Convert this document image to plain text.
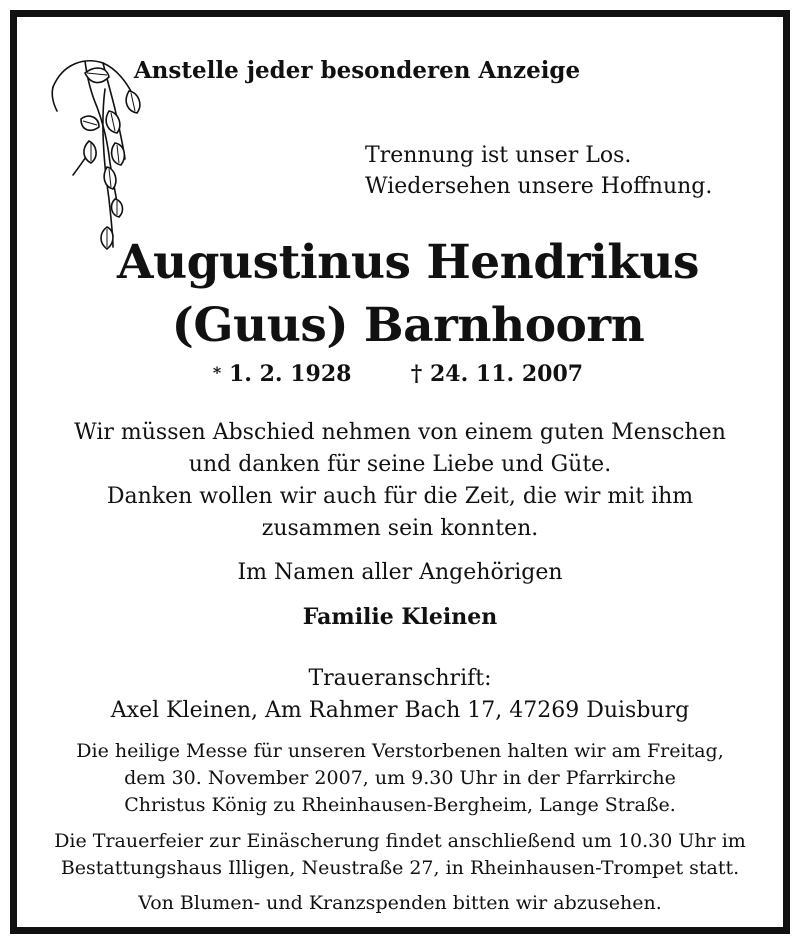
Anstelle jeder besonderen Anzeige
Trennung ist unser Los.
Wiedersehen unsere Hoffnung.
Augustinus Hendrikus
(Guus) Barnhoorn
* 1. 2. 1928	† 24. 11. 2007
Wir müssen Abschied nehmen von einem guten Menschen
und danken für seine Liebe und Güte.
Danken wollen wir auch für die Zeit, die wir mit ihm
zusammen sein konnten.
Im Namen aller Angehörigen
Familie Kleinen
Traueranschrift:
Axel Kleinen, Am Rahmer Bach 17, 47269 Duisburg
Die heilige Messe für unseren Verstorbenen halten wir am Freitag,
dem 30. November 2007, um 9.30 Uhr in der Pfarrkirche
Christus König zu Rheinhausen-Bergheim, Lange Straße.
Die Trauerfeier zur Einäscherung findet anschließend um 10.30 Uhr im
Bestattungshaus Illigen, Neustraße 27, in Rheinhausen-Trompet statt.
Von Blumen- und Kranzspenden bitten wir abzusehen.
